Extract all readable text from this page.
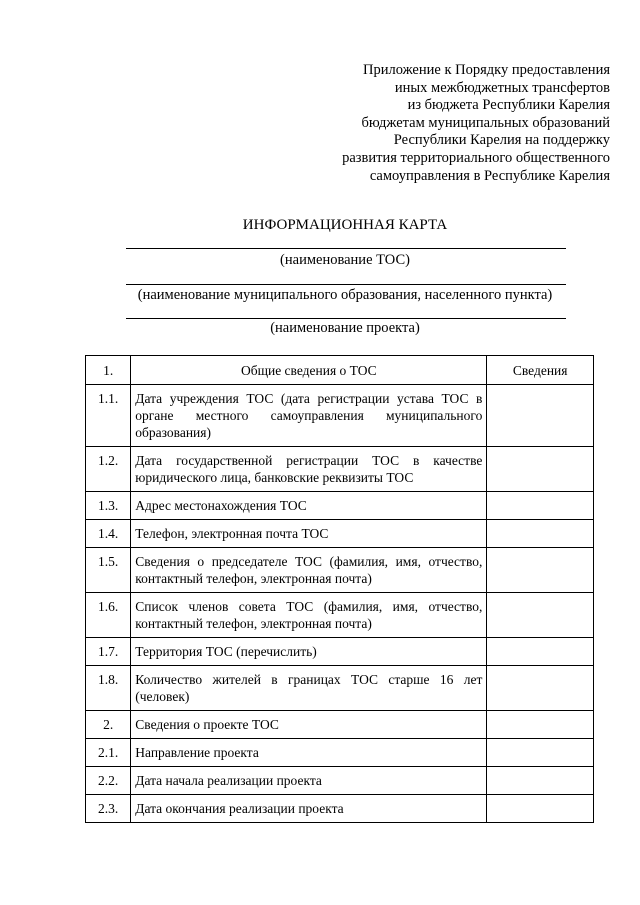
Приложение к Порядку предоставления
иных межбюджетных трансфертов
из бюджета Республики Карелия
бюджетам муниципальных образований
Республики Карелия на поддержку
развития территориального общественного
самоуправления в Республике Карелия
ИНФОРМАЦИОННАЯ КАРТА
(наименование ТОС)
(наименование муниципального образования, населенного пункта)
(наименование проекта)
1.	Общие сведения о ТОС	Сведения
1.1.	Дата учреждения ТОС (дата регистрации устава ТОС в органе местного самоуправления муниципального образования)	
1.2.	Дата государственной регистрации ТОС в качестве юридического лица, банковские реквизиты ТОС	
1.3.	Адрес местонахождения ТОС	
1.4.	Телефон, электронная почта ТОС	
1.5.	Сведения о председателе ТОС (фамилия, имя, отчество, контактный телефон, электронная почта)	
1.6.	Список членов совета ТОС (фамилия, имя, отчество, контактный телефон, электронная почта)	
1.7.	Территория ТОС (перечислить)	
1.8.	Количество жителей в границах ТОС старше 16 лет (человек)	
2.	Сведения о проекте ТОС	
2.1.	Направление проекта	
2.2.	Дата начала реализации проекта	
2.3.	Дата окончания реализации проекта	
